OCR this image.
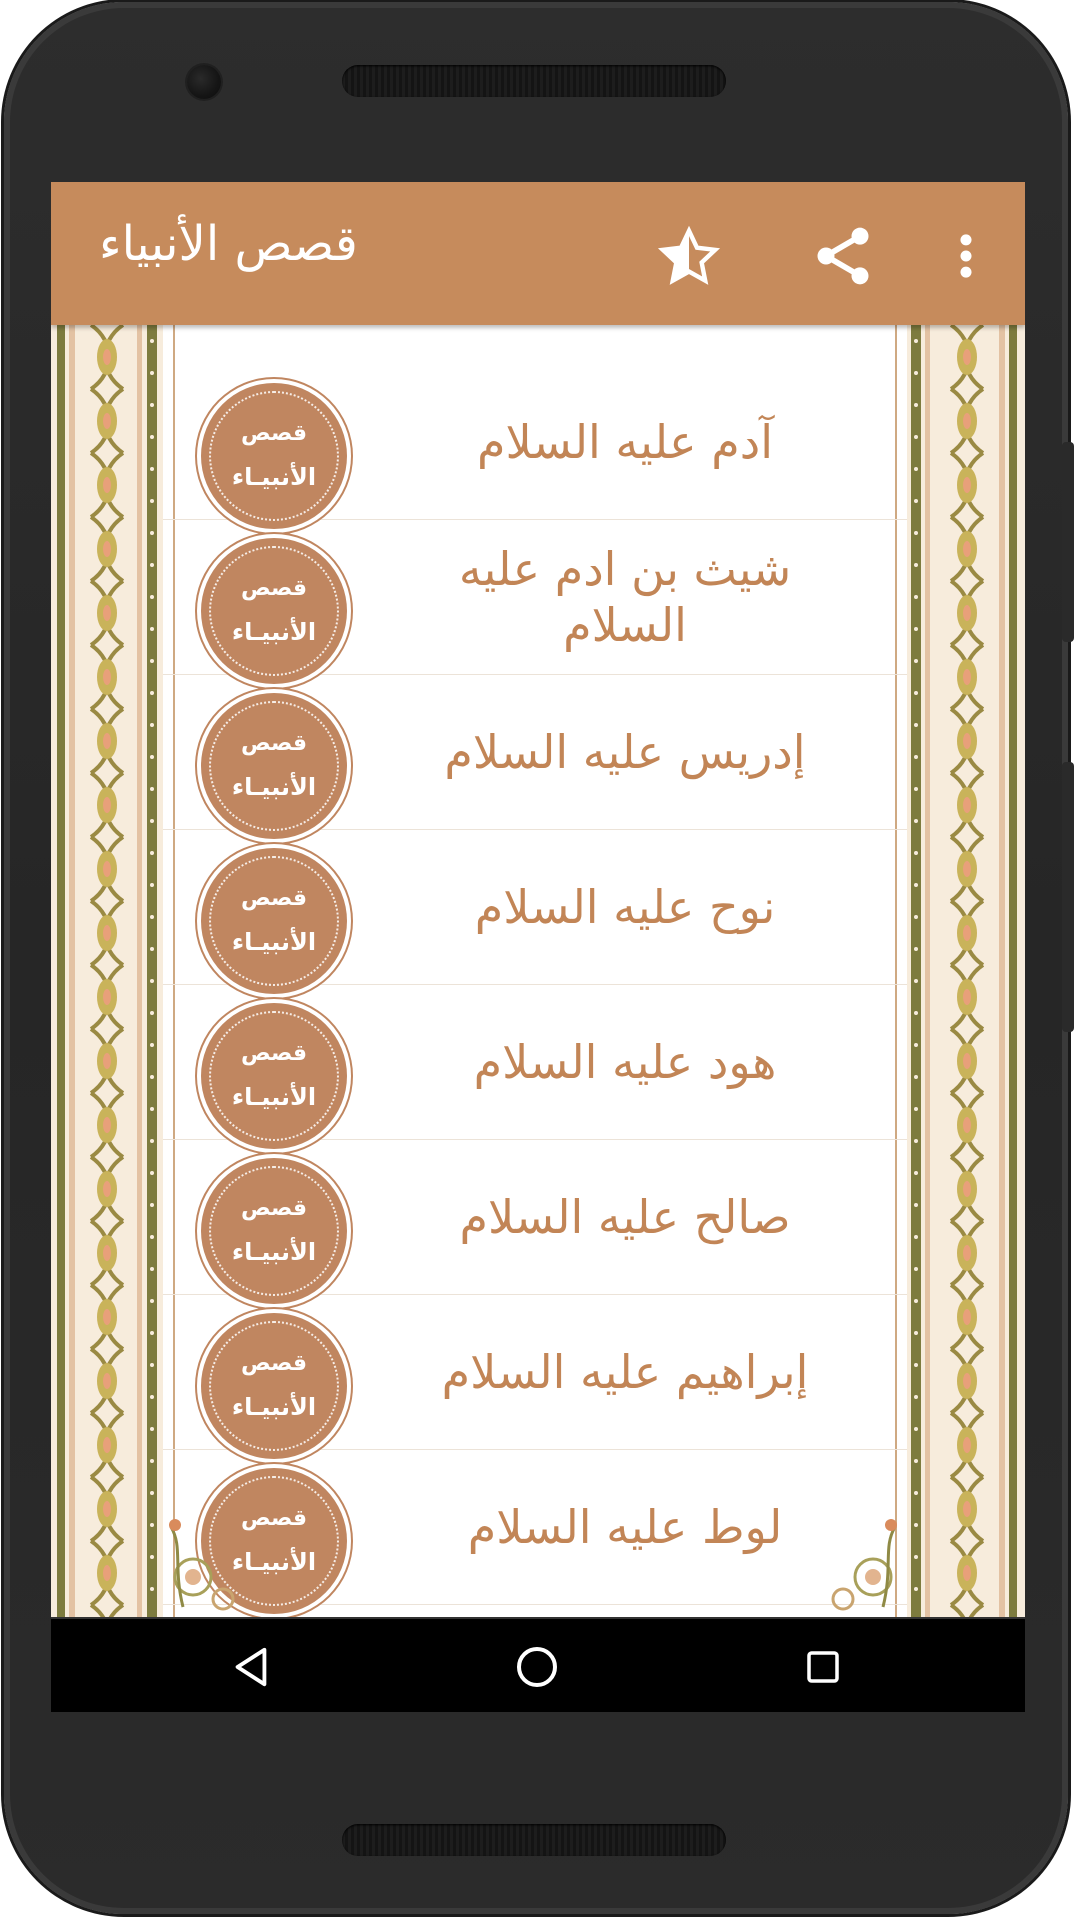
قصص الأنبياء
قصص
الأنبيـاء
آدم عليه السلام
قصص
الأنبيـاء
شيث بن ادم عليه السلام
قصص
الأنبيـاء
إدريس عليه السلام
قصص
الأنبيـاء
نوح عليه السلام
قصص
الأنبيـاء
هود عليه السلام
قصص
الأنبيـاء
صالح عليه السلام
قصص
الأنبيـاء
إبراهيم عليه السلام
قصص
الأنبيـاء
لوط عليه السلام
